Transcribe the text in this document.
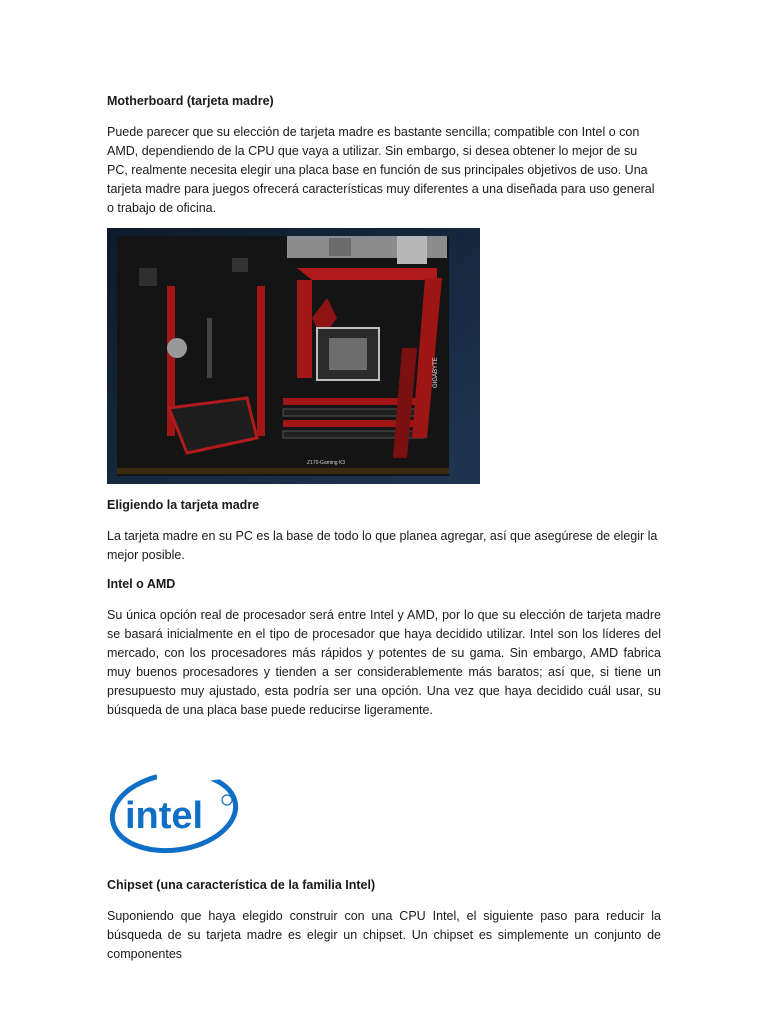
Motherboard (tarjeta madre)
Puede parecer que su elección de tarjeta madre es bastante sencilla; compatible con Intel o con AMD, dependiendo de la CPU que vaya a utilizar. Sin embargo, si desea obtener lo mejor de su PC, realmente necesita elegir una placa base en función de sus principales objetivos de uso. Una tarjeta madre para juegos ofrecerá características muy diferentes a una diseñada para uso general o trabajo de oficina.
GIGABYTE
Z170-Gaming K3
Eligiendo la tarjeta madre
La tarjeta madre en su PC es la base de todo lo que planea agregar, así que asegúrese de elegir la mejor posible.
Intel o AMD
Su única opción real de procesador será entre Intel y AMD, por lo que su elección de tarjeta madre se basará inicialmente en el tipo de procesador que haya decidido utilizar. Intel son los líderes del mercado, con los procesadores más rápidos y potentes de su gama. Sin embargo, AMD fabrica muy buenos procesadores y tienden a ser considerablemente más baratos; así que, si tiene un presupuesto muy ajustado, esta podría ser una opción. Una vez que haya decidido cuál usar, su búsqueda de una placa base puede reducirse ligeramente.
intel
Chipset (una característica de la familia Intel)
Suponiendo que haya elegido construir con una CPU Intel, el siguiente paso para reducir la búsqueda de su tarjeta madre es elegir un chipset. Un chipset es simplemente un conjunto de componentes
